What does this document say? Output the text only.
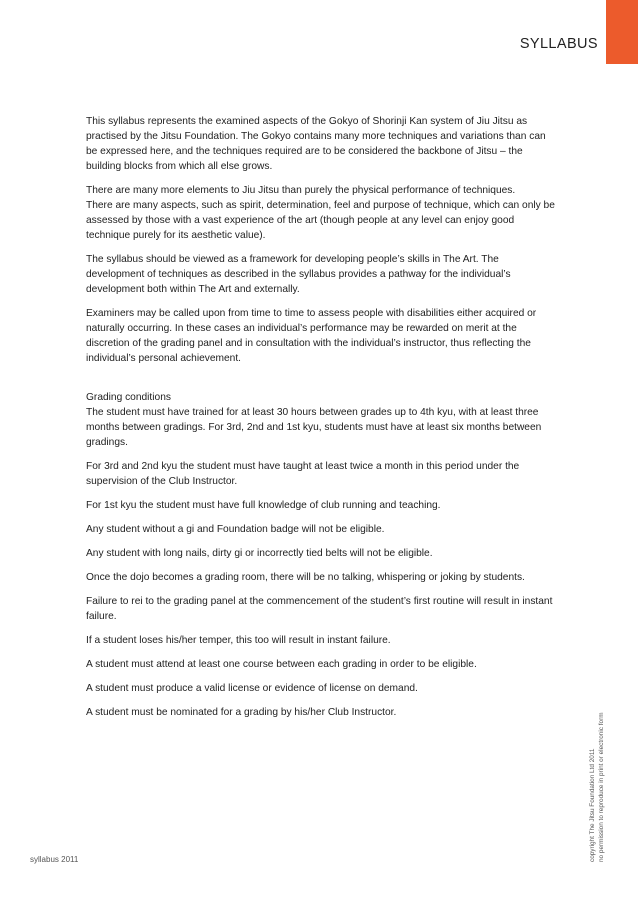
SYLLABUS

This syllabus represents the examined aspects of the Gokyo of Shorinji Kan system of Jiu Jitsu as practised by the Jitsu Foundation. The Gokyo contains many more techniques and variations than can be expressed here, and the techniques required are to be considered the backbone of Jitsu – the building blocks from which all else grows.

There are many more elements to Jiu Jitsu than purely the physical performance of techniques.

There are many aspects, such as spirit, determination, feel and purpose of technique, which can only be assessed by those with a vast experience of the art (though people at any level can enjoy good technique purely for its aesthetic value).

The syllabus should be viewed as a framework for developing people’s skills in The Art. The development of techniques as described in the syllabus provides a pathway for the individual’s development both within The Art and externally.

Examiners may be called upon from time to time to assess people with disabilities either acquired or naturally occurring. In these cases an individual’s performance may be rewarded on merit at the discretion of the grading panel and in consultation with the individual’s instructor, thus reflecting the individual’s personal achievement.

Grading conditions

The student must have trained for at least 30 hours between grades up to 4th kyu, with at least three months between gradings. For 3rd, 2nd and 1st kyu, students must have at least six months between gradings.

For 3rd and 2nd kyu the student must have taught at least twice a month in this period under the supervision of the Club Instructor.

For 1st kyu the student must have full knowledge of club running and teaching.

Any student without a gi and Foundation badge will not be eligible.

Any student with long nails, dirty gi or incorrectly tied belts will not be eligible.

Once the dojo becomes a grading room, there will be no talking, whispering or joking by students.

Failure to rei to the grading panel at the commencement of the student’s first routine will result in instant failure.

If a student loses his/her temper, this too will result in instant failure.

A student must attend at least one course between each grading in order to be eligible.

A student must produce a valid license or evidence of license on demand.

A student must be nominated for a grading by his/her Club Instructor.

syllabus 2011	copyright The Jitsu Foundation Ltd 2011 no permission to reproduce in print or electronic form
